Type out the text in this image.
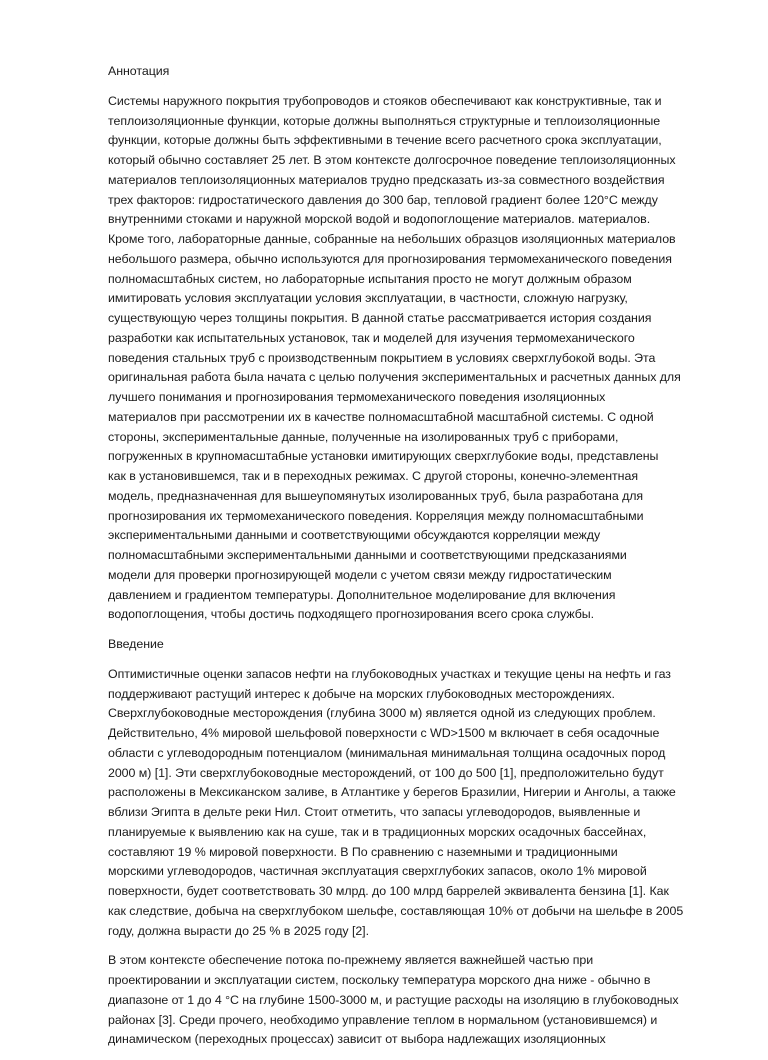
Аннотация

Системы наружного покрытия трубопроводов и стояков обеспечивают как конструктивные, так и
теплоизоляционные функции, которые должны выполняться структурные и теплоизоляционные
функции, которые должны быть эффективными в течение всего расчетного срока эксплуатации,
который обычно составляет 25 лет. В этом контексте долгосрочное поведение теплоизоляционных
материалов теплоизоляционных материалов трудно предсказать из-за совместного воздействия
трех факторов: гидростатического давления до 300 бар, тепловой градиент более 120°C между
внутренними стоками и наружной морской водой и водопоглощение материалов. материалов.
Кроме того, лабораторные данные, собранные на небольших образцов изоляционных материалов
небольшого размера, обычно используются для прогнозирования термомеханического поведения
полномасштабных систем, но лабораторные испытания просто не могут должным образом
имитировать условия эксплуатации условия эксплуатации, в частности, сложную нагрузку,
существующую через толщины покрытия. В данной статье рассматривается история создания
разработки как испытательных установок, так и моделей для изучения термомеханического
поведения стальных труб с производственным покрытием в условиях сверхглубокой воды. Эта
оригинальная работа была начата с целью получения экспериментальных и расчетных данных для
лучшего понимания и прогнозирования термомеханического поведения изоляционных
материалов при рассмотрении их в качестве полномасштабной масштабной системы. С одной
стороны, экспериментальные данные, полученные на изолированных труб с приборами,
погруженных в крупномасштабные установки имитирующих сверхглубокие воды, представлены
как в установившемся, так и в переходных режимах. С другой стороны, конечно-элементная
модель, предназначенная для вышеупомянутых изолированных труб, была разработана для
прогнозирования их термомеханического поведения. Корреляция между полномасштабными
экспериментальными данными и соответствующими обсуждаются корреляции между
полномасштабными экспериментальными данными и соответствующими предсказаниями
модели для проверки прогнозирующей модели с учетом связи между гидростатическим
давлением и градиентом температуры. Дополнительное моделирование для включения
водопоглощения, чтобы достичь подходящего прогнозирования всего срока службы.

Введение

Оптимистичные оценки запасов нефти на глубоководных участках и текущие цены на нефть и газ
поддерживают растущий интерес к добыче на морских глубоководных месторождениях.
Сверхглубоководные месторождения (глубина 3000 м) является одной из следующих проблем.
Действительно, 4% мировой шельфовой поверхности с WD>1500 м включает в себя осадочные
области с углеводородным потенциалом (минимальная минимальная толщина осадочных пород
2000 м) [1]. Эти сверхглубоководные месторождений, от 100 до 500 [1], предположительно будут
расположены в Мексиканском заливе, в Атлантике у берегов Бразилии, Нигерии и Анголы, а также
вблизи Эгипта в дельте реки Нил. Стоит отметить, что запасы углеводородов, выявленные и
планируемые к выявлению как на суше, так и в традиционных морских осадочных бассейнах,
составляют 19 % мировой поверхности. В По сравнению с наземными и традиционными
морскими углеводородов, частичная эксплуатация сверхглубоких запасов, около 1% мировой
поверхности, будет соответствовать 30 млрд. до 100 млрд баррелей эквивалента бензина [1]. Как
как следствие, добыча на сверхглубоком шельфе, составляющая 10% от добычи на шельфе в 2005
году, должна вырасти до 25 % в 2025 году [2].

В этом контексте обеспечение потока по-прежнему является важнейшей частью при
проектировании и эксплуатации систем, поскольку температура морского дна ниже - обычно в
диапазоне от 1 до 4 °C на глубине 1500-3000 м, и растущие расходы на изоляцию в глубоководных
районах [3]. Среди прочего, необходимо управление теплом в нормальном (установившемся) и
динамическом (переходных процессах) зависит от выбора надлежащих изоляционных
